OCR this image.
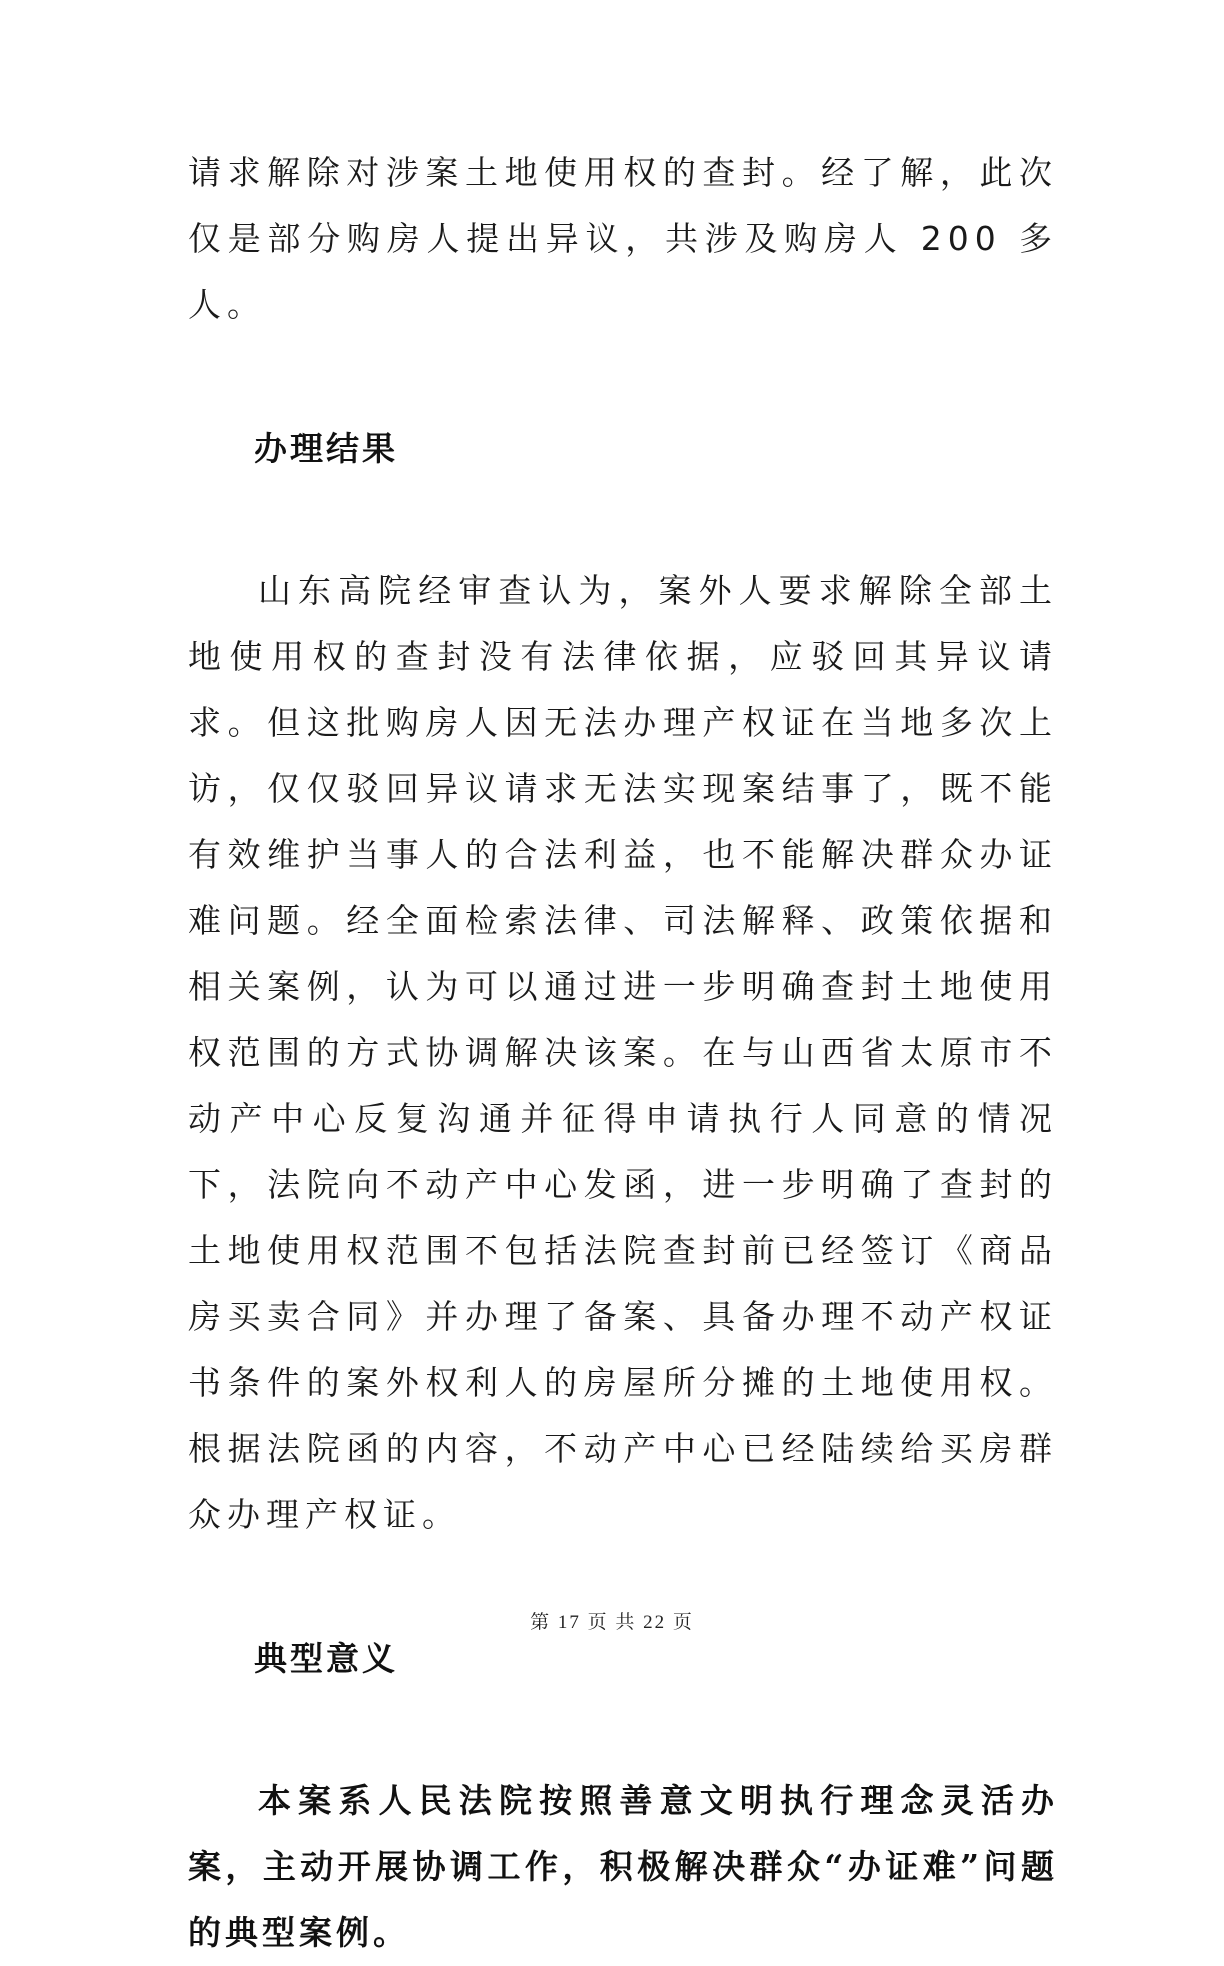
请求解除对涉案土地使用权的查封。经了解，此次仅是部分购房人提出异议，共涉及购房人 200 多人。

办理结果

山东高院经审查认为，案外人要求解除全部土地使用权的查封没有法律依据，应驳回其异议请求。但这批购房人因无法办理产权证在当地多次上访，仅仅驳回异议请求无法实现案结事了，既不能有效维护当事人的合法利益，也不能解决群众办证难问题。经全面检索法律、司法解释、政策依据和相关案例，认为可以通过进一步明确查封土地使用权范围的方式协调解决该案。在与山西省太原市不动产中心反复沟通并征得申请执行人同意的情况下，法院向不动产中心发函，进一步明确了查封的土地使用权范围不包括法院查封前已经签订《商品房买卖合同》并办理了备案、具备办理不动产权证书条件的案外权利人的房屋所分摊的土地使用权。根据法院函的内容，不动产中心已经陆续给买房群众办理产权证。

典型意义

本案系人民法院按照善意文明执行理念灵活办案，主动开展协调工作，积极解决群众“办证难”问题的典型案例。

第 17 页 共 22 页
